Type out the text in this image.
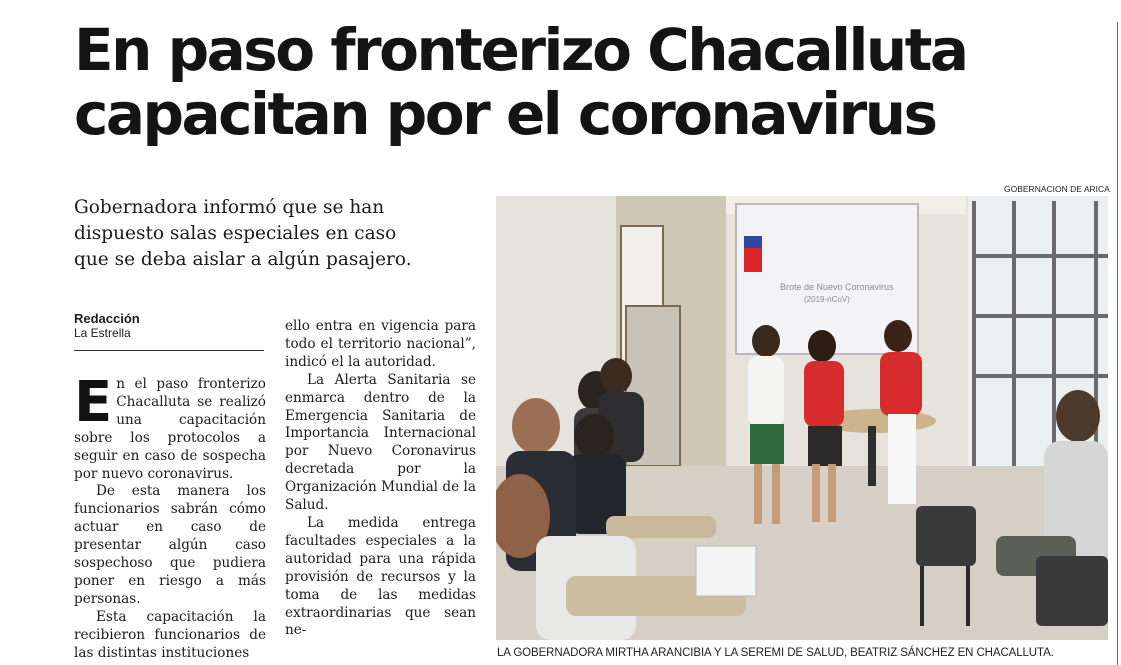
En paso fronterizo Chacalluta
capacitan por el coronavirus

Gobernadora informó que se han
dispuesto salas especiales en caso
que se deba aislar a algún pasajero.

Redacción
La Estrella

En el paso fronterizo Chacalluta se realizó una capacitación sobre los protocolos a seguir en caso de sospecha por nuevo coronavirus.

De esta manera los funcionarios sabrán cómo actuar en caso de presentar algún caso sospechoso que pudiera poner en riesgo a más personas.

Esta capacitación la recibieron funcionarios de las distintas instituciones

ello entra en vigencia para todo el territorio nacional”, indicó el la autoridad.

La Alerta Sanitaria se enmarca dentro de la Emergencia Sanitaria de Importancia Internacional por Nuevo Coronavirus decretada por la Organización Mundial de la Salud.

La medida entrega facultades especiales a la autoridad para una rápida provisión de recursos y la toma de las medidas extraordinarias que sean ne-

GOBERNACION DE ARICA
Brote de Nuevo Coronavirus
(2019-nCoV)
LA GOBERNADORA MIRTHA ARANCIBIA Y LA SEREMI DE SALUD, BEATRIZ SÁNCHEZ EN CHACALLUTA.
